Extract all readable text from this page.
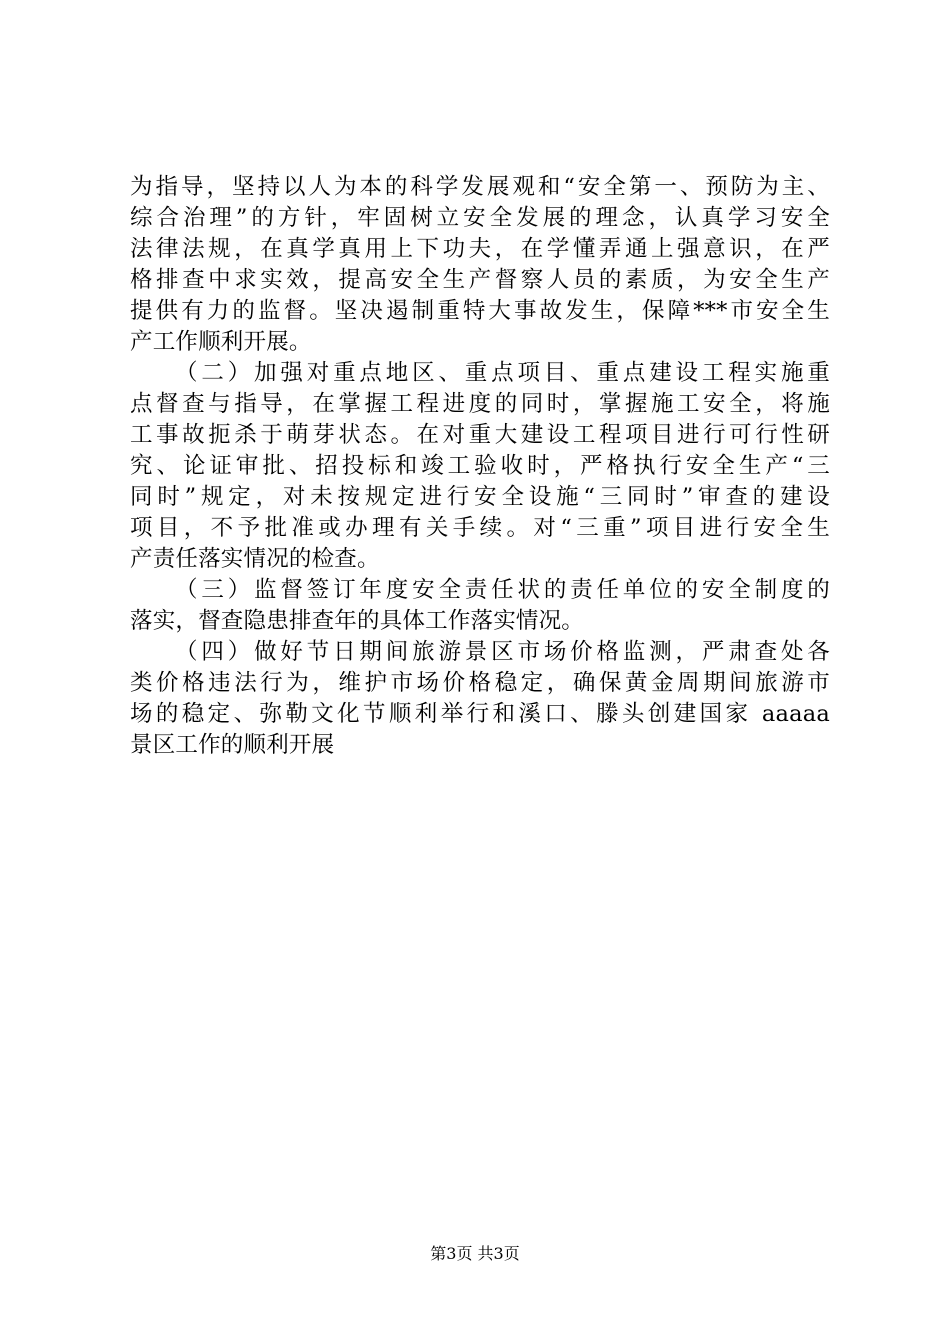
为指导，坚持以人为本的科学发展观和“安全第一、预防为主、
综合治理”的方针，牢固树立安全发展的理念，认真学习安全
法律法规，在真学真用上下功夫，在学懂弄通上强意识，在严
格排查中求实效，提高安全生产督察人员的素质，为安全生产
提供有力的监督。坚决遏制重特大事故发生，保障***市安全生
产工作顺利开展。
（二）加强对重点地区、重点项目、重点建设工程实施重
点督查与指导，在掌握工程进度的同时，掌握施工安全，将施
工事故扼杀于萌芽状态。在对重大建设工程项目进行可行性研
究、论证审批、招投标和竣工验收时，严格执行安全生产“三
同时”规定，对未按规定进行安全设施“三同时”审查的建设
项目，不予批准或办理有关手续。对“三重”项目进行安全生
产责任落实情况的检查。
（三）监督签订年度安全责任状的责任单位的安全制度的
落实，督查隐患排查年的具体工作落实情况。
（四）做好节日期间旅游景区市场价格监测，严肃查处各
类价格违法行为，维护市场价格稳定，确保黄金周期间旅游市
场的稳定、弥勒文化节顺利举行和溪口、滕头创建国家 aaaaa
景区工作的顺利开展
第3页 共3页
